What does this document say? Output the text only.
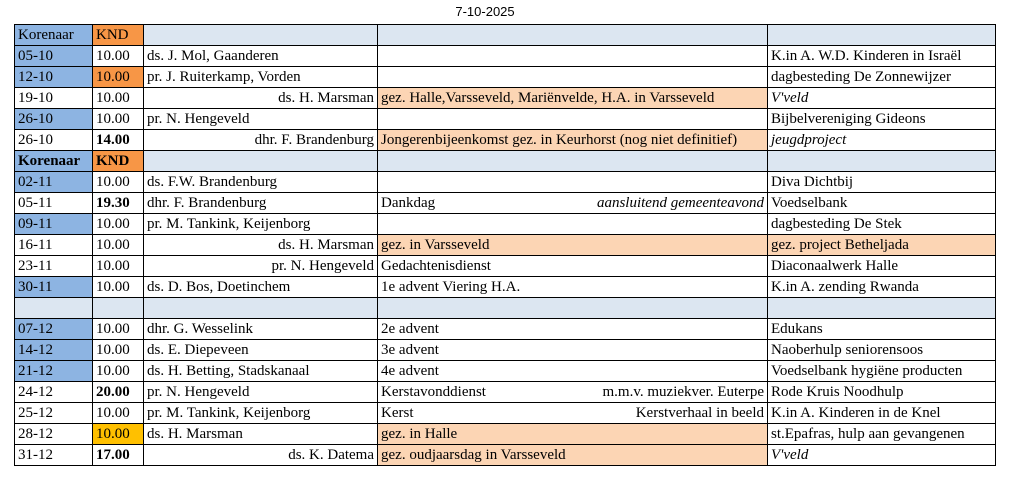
7-10-2025
Korenaar	KND			
05-10	10.00	ds. J. Mol, Gaanderen		K.in A. W.D. Kinderen in Israël
12-10	10.00	pr. J. Ruiterkamp, Vorden		dagbesteding De Zonnewijzer
19-10	10.00	ds. H. Marsman	gez. Halle,Varsseveld, Mariënvelde, H.A. in Varsseveld	V'veld
26-10	10.00	pr. N. Hengeveld		Bijbelvereniging Gideons
26-10	14.00	dhr. F. Brandenburg	Jongerenbijeenkomst gez. in Keurhorst (nog niet definitief)	jeugdproject
Korenaar	KND			
02-11	10.00	ds. F.W. Brandenburg		Diva Dichtbij
05-11	19.30	dhr. F. Brandenburg	Dankdag aansluitend gemeenteavond	Voedselbank
09-11	10.00	pr. M. Tankink, Keijenborg		dagbesteding De Stek
16-11	10.00	ds. H. Marsman	gez. in Varsseveld	gez. project Betheljada
23-11	10.00	pr. N. Hengeveld	Gedachtenisdienst	Diaconaalwerk Halle
30-11	10.00	ds. D. Bos, Doetinchem	1e advent Viering H.A.	K.in A. zending Rwanda

07-12	10.00	dhr. G. Wesselink	2e advent	Edukans
14-12	10.00	ds. E. Diepeveen	3e advent	Naoberhulp seniorensoos
21-12	10.00	ds. H. Betting, Stadskanaal	4e advent	Voedselbank hygiëne producten
24-12	20.00	pr. N. Hengeveld	Kerstavonddienst m.m.v. muziekver. Euterpe	Rode Kruis Noodhulp
25-12	10.00	pr. M. Tankink, Keijenborg	Kerst Kerstverhaal in beeld	K.in A. Kinderen in de Knel
28-12	10.00	ds. H. Marsman	gez. in Halle	st.Epafras, hulp aan gevangenen
31-12	17.00	ds. K. Datema	gez. oudjaarsdag in Varsseveld	V'veld
